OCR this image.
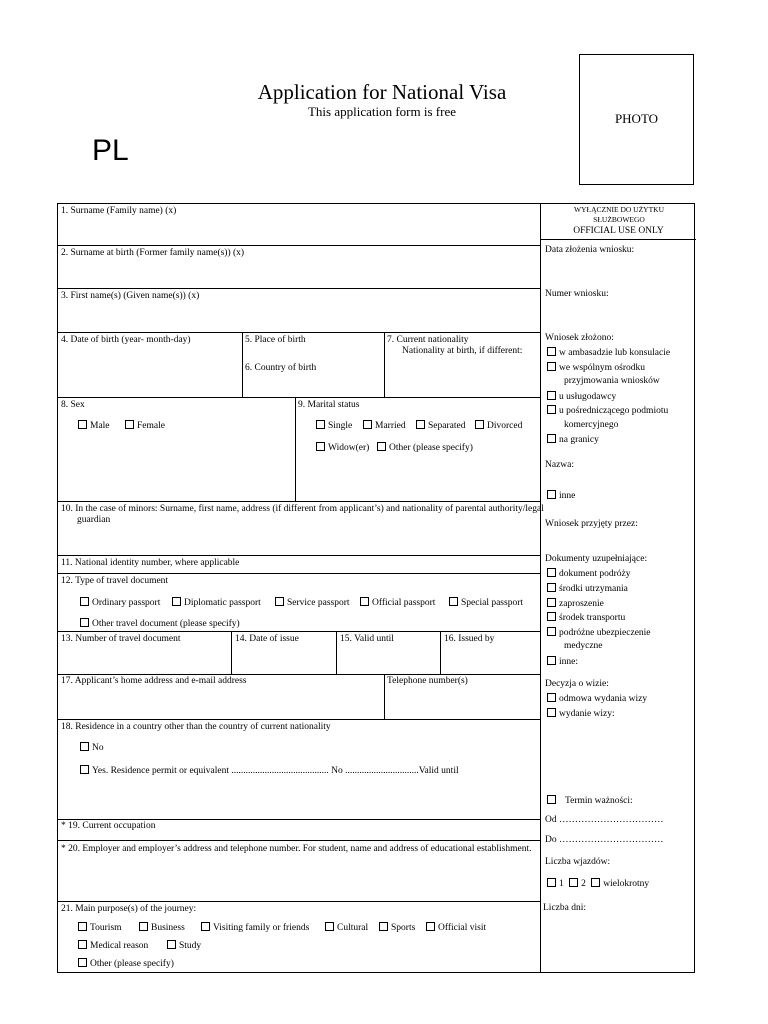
Application for National Visa
This application form is free
PL
PHOTO
1. Surname (Family name) (x)
2. Surname at birth (Former family name(s)) (x)
3. First name(s) (Given name(s)) (x)
4. Date of birth (year- month-day)	5. Place of birth
6. Country of birth
7. Current nationality
Nationality at birth, if different:
8. Sex
Male	Female
9. Marital status
Single	Married	Separated	Divorced
Widow(er)	Other (please specify)
10. In the case of minors: Surname, first name, address (if different from applicant’s) and nationality of parental authority/legal guardian
11. National identity number, where applicable
12. Type of travel document
Ordinary passport	Diplomatic passport	Service passport	Official passport	Special passport
Other travel document (please specify)
13. Number of travel document	14. Date of issue	15. Valid until	16. Issued by
17. Applicant’s home address and e-mail address	Telephone number(s)
18. Residence in a country other than the country of current nationality
No
Yes. Residence permit or equivalent ......................................... No ...............................Valid until
* 19. Current occupation
* 20. Employer and employer’s address and telephone number. For student, name and address of educational establishment.
21. Main purpose(s) of the journey:
Tourism	Business	Visiting family or friends	Cultural	Sports	Official visit
Medical reason	Study
Other (please specify)
WYŁĄCZNIE DO UŻYTKU SŁUŻBOWEGO
OFFICIAL USE ONLY
Data złożenia wniosku:
Numer wniosku:
Wniosek złożono:
w ambasadzie lub konsulacie
we wspólnym ośrodku
przyjmowania wniosków
u usługodawcy
u pośredniczącego podmiotu
komercyjnego
na granicy
Nazwa:
inne
Wniosek przyjęty przez:
Dokumenty uzupełniające:
dokument podróży
środki utrzymania
zaproszenie
środek transportu
podróżne ubezpieczenie
medyczne
inne:
Decyzja o wizie:
odmowa wydania wizy
wydanie wizy:
Termin ważności:
Od ……………………………
Do ……………………………
Liczba wjazdów:
1 2 wielokrotny
Liczba dni:
